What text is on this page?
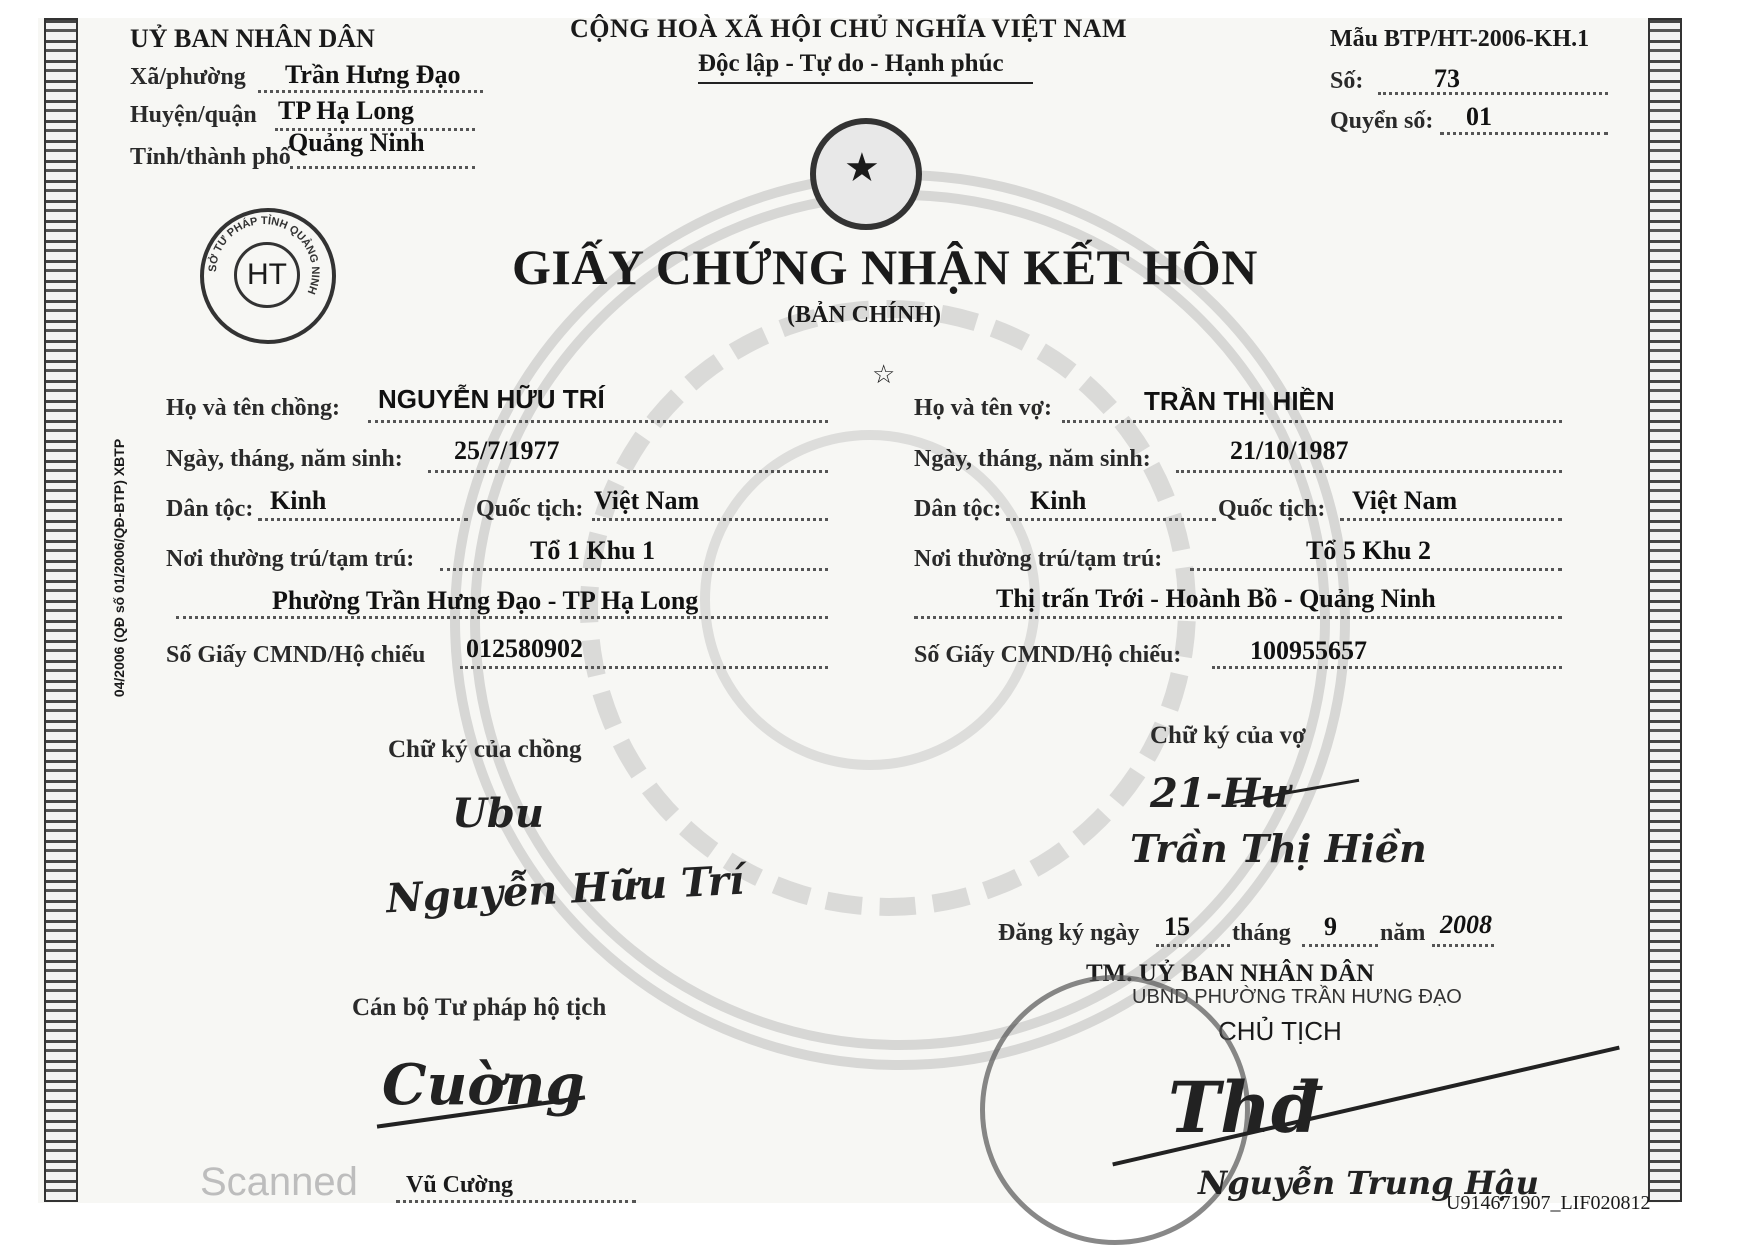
04/2006 (QĐ số 01/2006/QĐ-BTP) XBTP
UỶ BAN NHÂN DÂN
Xã/phường Trần Hưng Đạo
Huyện/quận TP Hạ Long
Tỉnh/thành phố
Quảng Ninh
CỘNG HOÀ XÃ HỘI CHỦ NGHĨA VIỆT NAM
Độc lập - Tự do - Hạnh phúc
★
Mẫu BTP/HT-2006-KH.1
Số:	73
Quyển số: 01
HT
SỞ TƯ PHÁP TỈNH QUẢNG NINH	GIẤY CHỨNG NHẬN KẾT HÔN
(BẢN CHÍNH)
☆
Họ và tên chồng: NGUYỄN HỮU TRÍ
Ngày, tháng, năm sinh: 25/7/1977
Dân tộc: Kinh	Quốc tịch: Việt Nam
Nơi thường trú/tạm trú:	Tổ 1 Khu 1
Phường Trần Hưng Đạo - TP Hạ Long
Số Giấy CMND/Hộ chiếu 012580902
Họ và tên vợ:	TRẦN THỊ HIỀN
Ngày, tháng, năm sinh:	21/10/1987
Dân tộc: Kinh	Quốc tịch: Việt Nam
Nơi thường trú/tạm trú:	Tổ 5 Khu 2
Thị trấn Trới - Hoành Bồ - Quảng Ninh
Số Giấy CMND/Hộ chiếu:	100955657
Chữ ký của chồng
Ubu
Nguyễn Hữu Trí
Chữ ký của vợ
21-Hư
Trần Thị Hiền
Đăng ký ngày 15 tháng 9 năm 2008
TM. UỶ BAN NHÂN DÂN
UBND PHƯỜNG TRẦN HƯNG ĐẠO
CHỦ TỊCH
Thđ
Nguyễn Trung Hậu
Cán bộ Tư pháp hộ tịch
Cuờng
Vũ Cường
Scanned	U914671907_LIF020812
